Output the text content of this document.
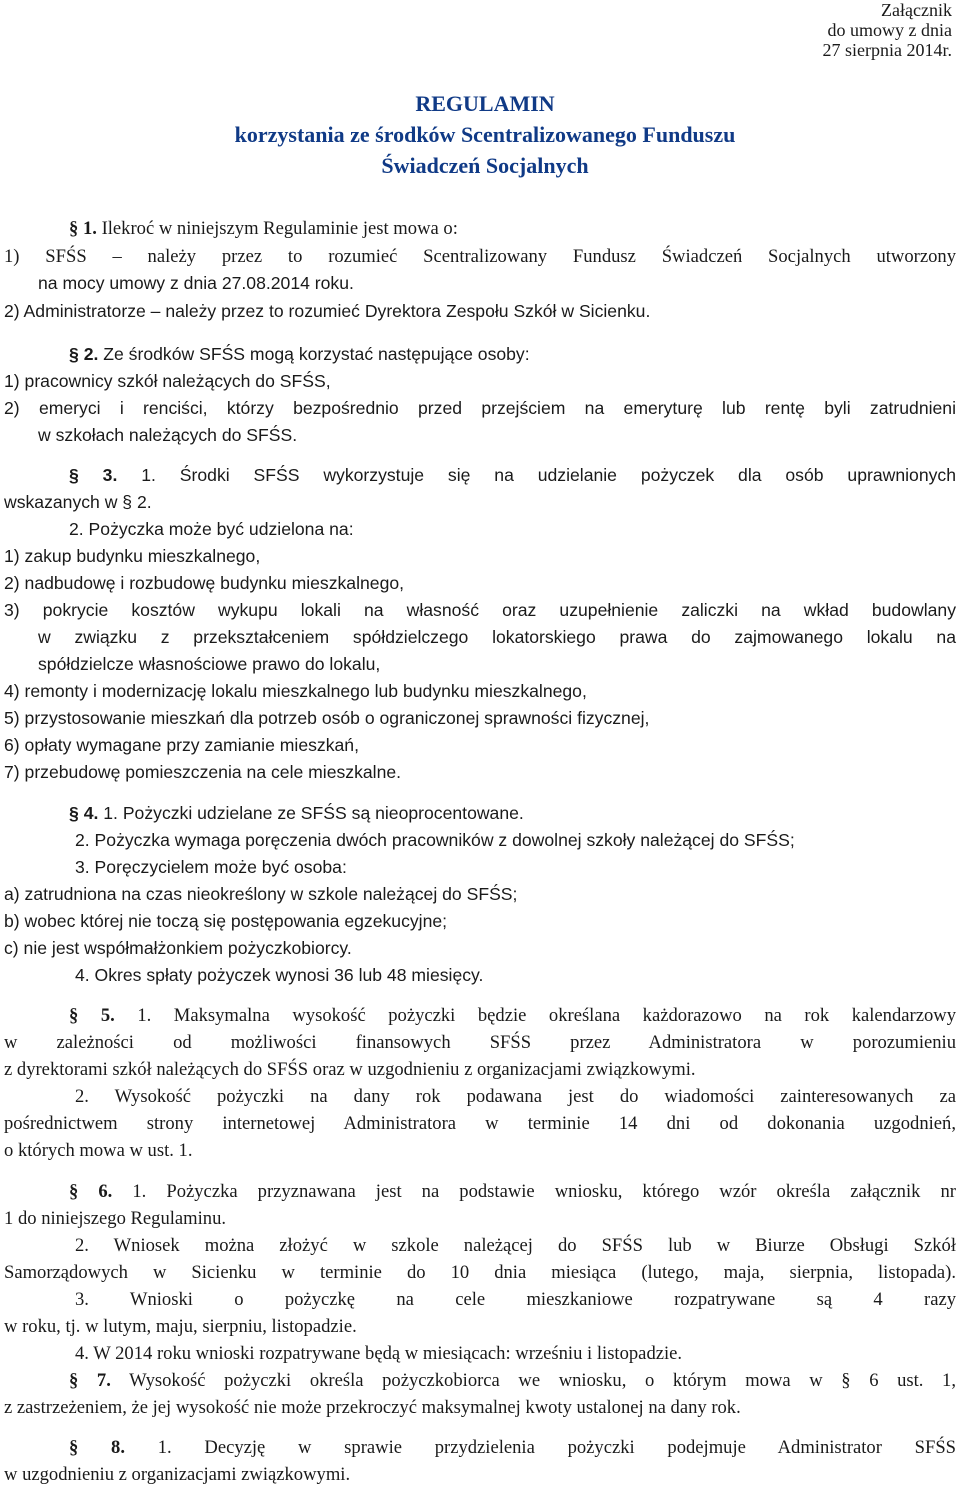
Załącznik
do umowy z dnia
27 sierpnia 2014r.
REGULAMIN
korzystania ze środków Scentralizowanego Funduszu
Świadczeń Socjalnych
§ 1. Ilekroć w niniejszym Regulaminie jest mowa o:
1) SFŚS – należy przez to rozumieć Scentralizowany Fundusz Świadczeń Socjalnych utworzony
na mocy umowy z dnia 27.08.2014 roku.
2) Administratorze – należy przez to rozumieć Dyrektora Zespołu Szkół w Sicienku.
§ 2. Ze środków SFŚS mogą korzystać następujące osoby:
1) pracownicy szkół należących do SFŚS,
2) emeryci i renciści, którzy bezpośrednio przed przejściem na emeryturę lub rentę byli zatrudnieni
w szkołach należących do SFŚS.
§ 3. 1. Środki SFŚS wykorzystuje się na udzielanie pożyczek dla osób uprawnionych
wskazanych w § 2.
2. Pożyczka może być udzielona na:
1) zakup budynku mieszkalnego,
2) nadbudowę i rozbudowę budynku mieszkalnego,
3) pokrycie kosztów wykupu lokali na własność oraz uzupełnienie zaliczki na wkład budowlany
w związku z przekształceniem spółdzielczego lokatorskiego prawa do zajmowanego lokalu na
spółdzielcze własnościowe prawo do lokalu,
4) remonty i modernizację lokalu mieszkalnego lub budynku mieszkalnego,
5) przystosowanie mieszkań dla potrzeb osób o ograniczonej sprawności fizycznej,
6) opłaty wymagane przy zamianie mieszkań,
7) przebudowę pomieszczenia na cele mieszkalne.
§ 4. 1. Pożyczki udzielane ze SFŚS są nieoprocentowane.
2. Pożyczka wymaga poręczenia dwóch pracowników z dowolnej szkoły należącej do SFŚS;
3. Poręczycielem może być osoba:
a) zatrudniona na czas nieokreślony w szkole należącej do SFŚS;
b) wobec której nie toczą się postępowania egzekucyjne;
c) nie jest współmałżonkiem pożyczkobiorcy.
4. Okres spłaty pożyczek wynosi 36 lub 48 miesięcy.
§ 5. 1. Maksymalna wysokość pożyczki będzie określana każdorazowo na rok kalendarzowy
w zależności od możliwości finansowych SFŚS przez Administratora w porozumieniu
z dyrektorami szkół należących do SFŚS oraz w uzgodnieniu z organizacjami związkowymi.
2. Wysokość pożyczki na dany rok podawana jest do wiadomości zainteresowanych za
pośrednictwem strony internetowej Administratora w terminie 14 dni od dokonania uzgodnień,
o których mowa w ust. 1.
§ 6. 1. Pożyczka przyznawana jest na podstawie wniosku, którego wzór określa załącznik nr
1 do niniejszego Regulaminu.
2. Wniosek można złożyć w szkole należącej do SFŚS lub w Biurze Obsługi Szkół
Samorządowych w Sicienku w terminie do 10 dnia miesiąca (lutego, maja, sierpnia, listopada).
3. Wnioski o pożyczkę na cele mieszkaniowe rozpatrywane są 4 razy
w roku, tj. w lutym, maju, sierpniu, listopadzie.
4. W 2014 roku wnioski rozpatrywane będą w miesiącach: wrześniu i listopadzie.
§ 7. Wysokość pożyczki określa pożyczkobiorca we wniosku, o którym mowa w § 6 ust. 1,
z zastrzeżeniem, że jej wysokość nie może przekroczyć maksymalnej kwoty ustalonej na dany rok.
§ 8. 1. Decyzję w sprawie przydzielenia pożyczki podejmuje Administrator SFŚS
w uzgodnieniu z organizacjami związkowymi.
